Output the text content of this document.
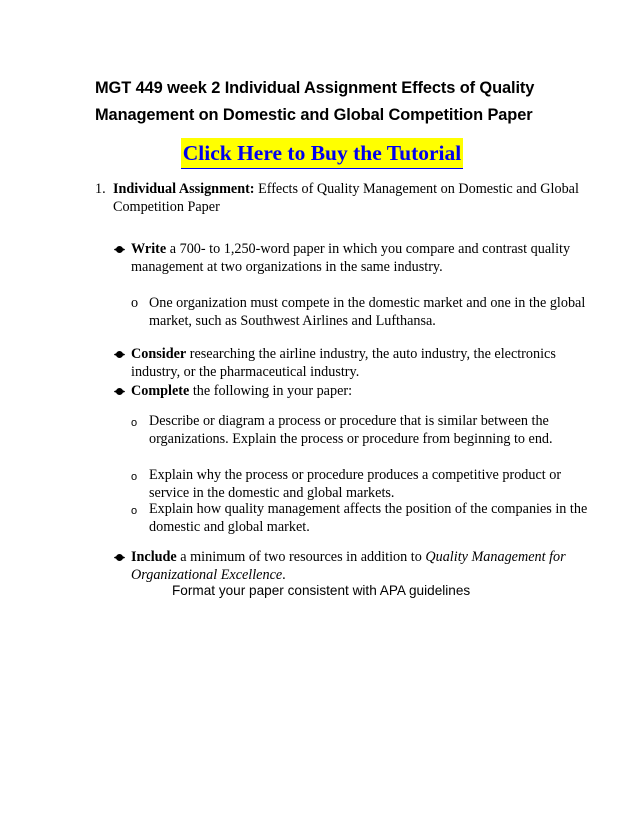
MGT 449 week 2 Individual Assignment Effects of Quality Management on Domestic and Global Competition Paper
Click Here to Buy the Tutorial
1. Individual Assignment: Effects of Quality Management on Domestic and Global Competition Paper
Write a 700- to 1,250-word paper in which you compare and contrast quality management at two organizations in the same industry.
o One organization must compete in the domestic market and one in the global market, such as Southwest Airlines and Lufthansa.
Consider researching the airline industry, the auto industry, the electronics industry, or the pharmaceutical industry.
Complete the following in your paper:
o Describe or diagram a process or procedure that is similar between the organizations. Explain the process or procedure from beginning to end.
o Explain why the process or procedure produces a competitive product or service in the domestic and global markets.
o Explain how quality management affects the position of the companies in the domestic and global market.
Include a minimum of two resources in addition to Quality Management for Organizational Excellence.
Format your paper consistent with APA guidelines
